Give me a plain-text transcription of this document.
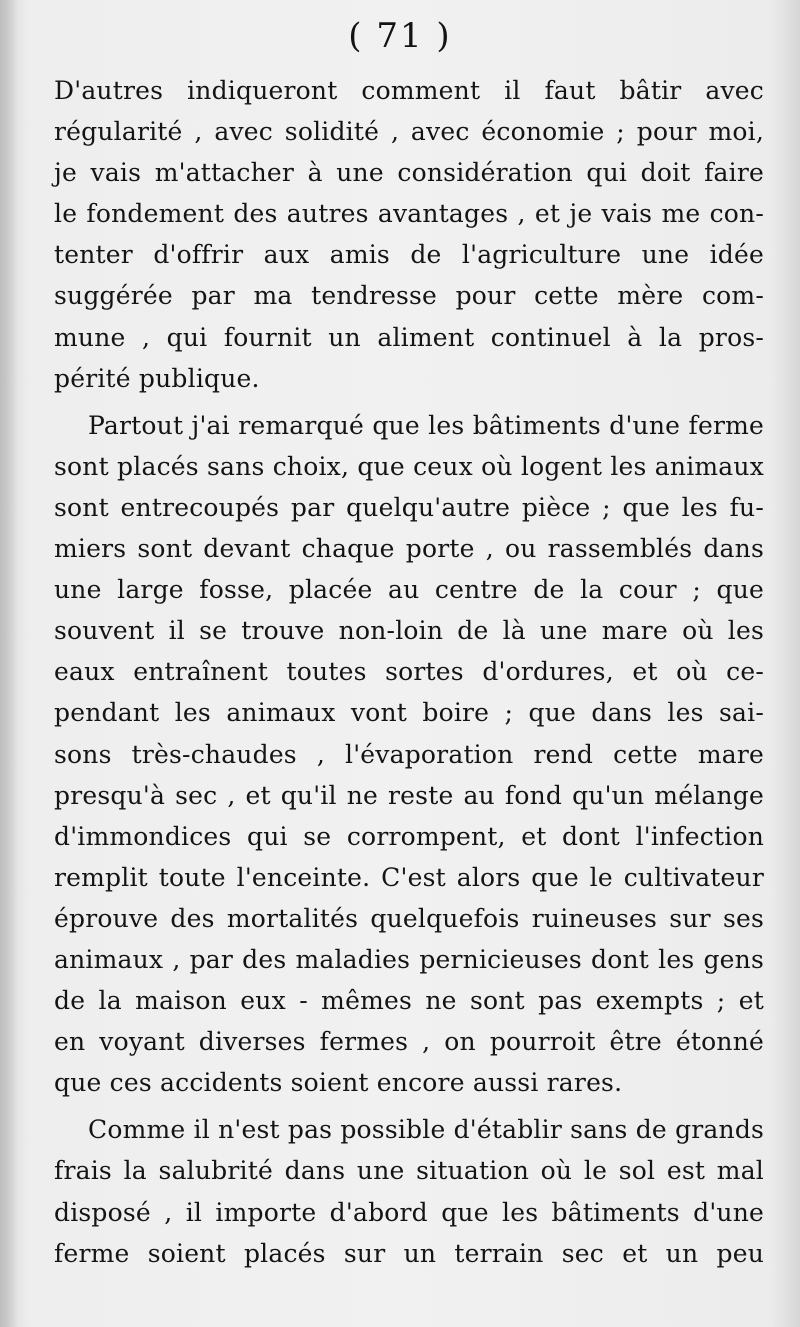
( 71 )
D'autres indiqueront comment il faut bâtir avec
régularité , avec solidité , avec économie ; pour moi,
je vais m'attacher à une considération qui doit faire
le fondement des autres avantages , et je vais me con-
tenter d'offrir aux amis de l'agriculture une idée
suggérée par ma tendresse pour cette mère com-
mune , qui fournit un aliment continuel à la pros-
périté publique.
Partout j'ai remarqué que les bâtiments d'une ferme
sont placés sans choix, que ceux où logent les animaux
sont entrecoupés par quelqu'autre pièce ; que les fu-
miers sont devant chaque porte , ou rassemblés dans
une large fosse, placée au centre de la cour ; que
souvent il se trouve non-loin de là une mare où les
eaux entraînent toutes sortes d'ordures, et où ce-
pendant les animaux vont boire ; que dans les sai-
sons très-chaudes , l'évaporation rend cette mare
presqu'à sec , et qu'il ne reste au fond qu'un mélange
d'immondices qui se corrompent, et dont l'infection
remplit toute l'enceinte. C'est alors que le cultivateur
éprouve des mortalités quelquefois ruineuses sur ses
animaux , par des maladies pernicieuses dont les gens
de la maison eux - mêmes ne sont pas exempts ; et
en voyant diverses fermes , on pourroit être étonné
que ces accidents soient encore aussi rares.
Comme il n'est pas possible d'établir sans de grands
frais la salubrité dans une situation où le sol est mal
disposé , il importe d'abord que les bâtiments d'une
ferme soient placés sur un terrain sec et un peu
